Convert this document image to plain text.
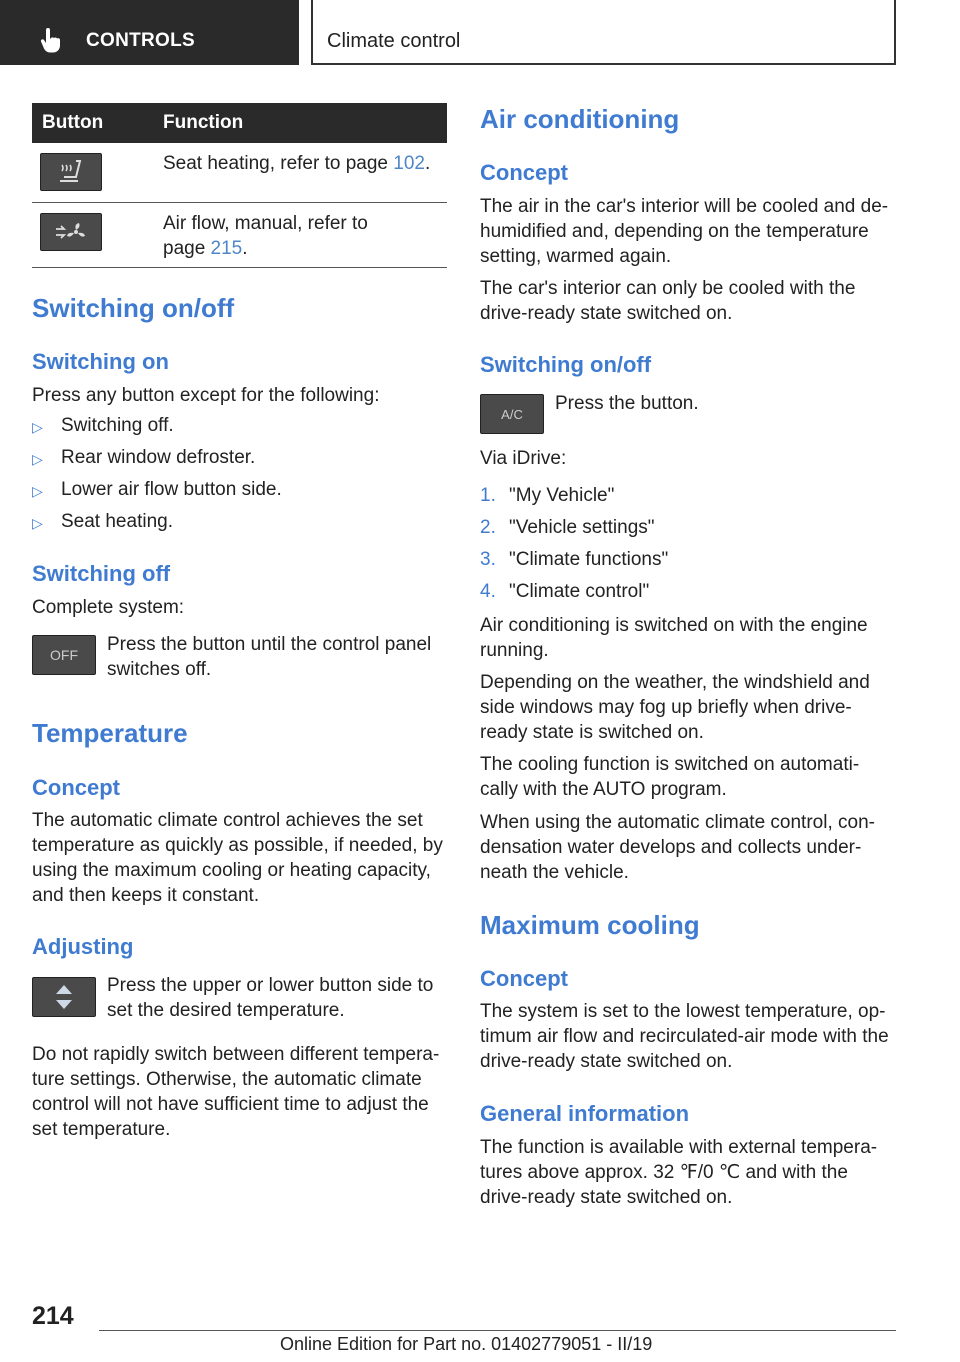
CONTROLS	Climate control
Button	Function
Seat heating, refer to page 102.
Air flow, manual, refer to
page 215.
Switching on/off
Switching on
Press any button except for the following:
▷ Switching off.
▷ Rear window defroster.
▷ Lower air flow button side.
▷ Seat heating.
Switching off
Complete system:
OFF Press the button until the control panel
switches off.
Temperature
Concept
The automatic climate control achieves the set
temperature as quickly as possible, if needed, by
using the maximum cooling or heating capacity,
and then keeps it constant.
Adjusting
Press the upper or lower button side to
set the desired temperature.
Do not rapidly switch between different tempera-
ture settings. Otherwise, the automatic climate
control will not have sufficient time to adjust the
set temperature.
Air conditioning
Concept
The air in the car's interior will be cooled and de-
humidified and, depending on the temperature
setting, warmed again.
The car's interior can only be cooled with the
drive-ready state switched on.
Switching on/off
A/C Press the button.
Via iDrive:
1. "My Vehicle"
2. "Vehicle settings"
3. "Climate functions"
4. "Climate control"
Air conditioning is switched on with the engine
running.
Depending on the weather, the windshield and
side windows may fog up briefly when drive-
ready state is switched on.
The cooling function is switched on automati-
cally with the AUTO program.
When using the automatic climate control, con-
densation water develops and collects under-
neath the vehicle.
Maximum cooling
Concept
The system is set to the lowest temperature, op-
timum air flow and recirculated-air mode with the
drive-ready state switched on.
General information
The function is available with external tempera-
tures above approx. 32 ℉/0 ℃ and with the
drive-ready state switched on.
214
Online Edition for Part no. 01402779051 - II/19
